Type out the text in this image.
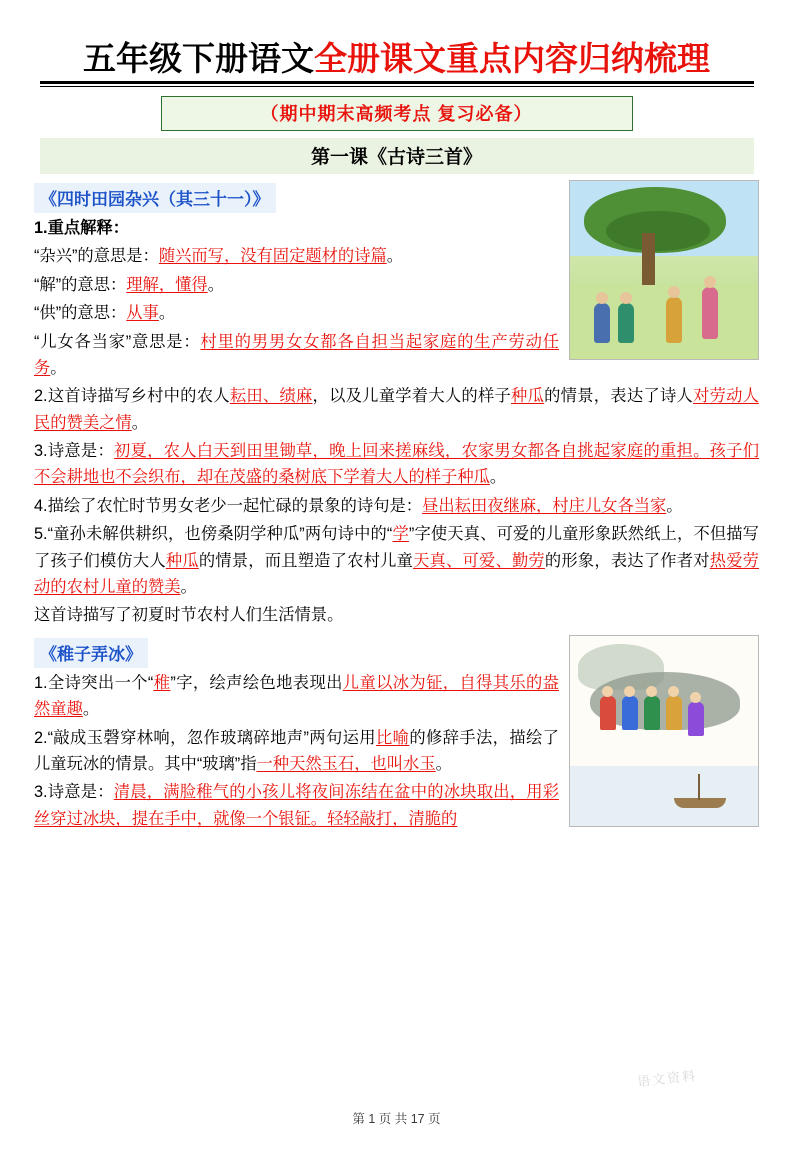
五年级下册语文全册课文重点内容归纳梳理
（期中期末高频考点 复习必备）
第一课《古诗三首》
《四时田园杂兴（其三十一）》

1.重点解释：

“杂兴”的意思是：随兴而写，没有固定题材的诗篇。

“解”的意思：理解，懂得。

“供”的意思：从事。

“儿女各当家”意思是：村里的男男女女都各自担当起家庭的生产劳动任务。

2.这首诗描写乡村中的农人耘田、绩麻，以及儿童学着大人的样子种瓜的情景，表达了诗人对劳动人民的赞美之情。

3.诗意是：初夏，农人白天到田里锄草，晚上回来搓麻线，农家男女都各自挑起家庭的重担。孩子们不会耕地也不会织布，却在茂盛的桑树底下学着大人的样子种瓜。

4.描绘了农忙时节男女老少一起忙碌的景象的诗句是：昼出耘田夜继麻，村庄儿女各当家。

5.“童孙未解供耕织，也傍桑阴学种瓜”两句诗中的“学”字使天真、可爱的儿童形象跃然纸上，不但描写了孩子们模仿大人种瓜的情景，而且塑造了农村儿童天真、可爱、勤劳的形象，表达了作者对热爱劳动的农村儿童的赞美。

这首诗描写了初夏时节农村人们生活情景。

《稚子弄冰》

1.全诗突出一个“稚”字，绘声绘色地表现出儿童以冰为钲，自得其乐的盎然童趣。

2.“敲成玉磬穿林响，忽作玻璃碎地声”两句运用比喻的修辞手法，描绘了儿童玩冰的情景。其中“玻璃”指一种天然玉石，也叫水玉。

3.诗意是：清晨，满脸稚气的小孩儿将夜间冻结在盆中的冰块取出，用彩丝穿过冰块，提在手中，就像一个银钲。轻轻敲打，清脆的

语文资料
第 1 页 共 17 页
